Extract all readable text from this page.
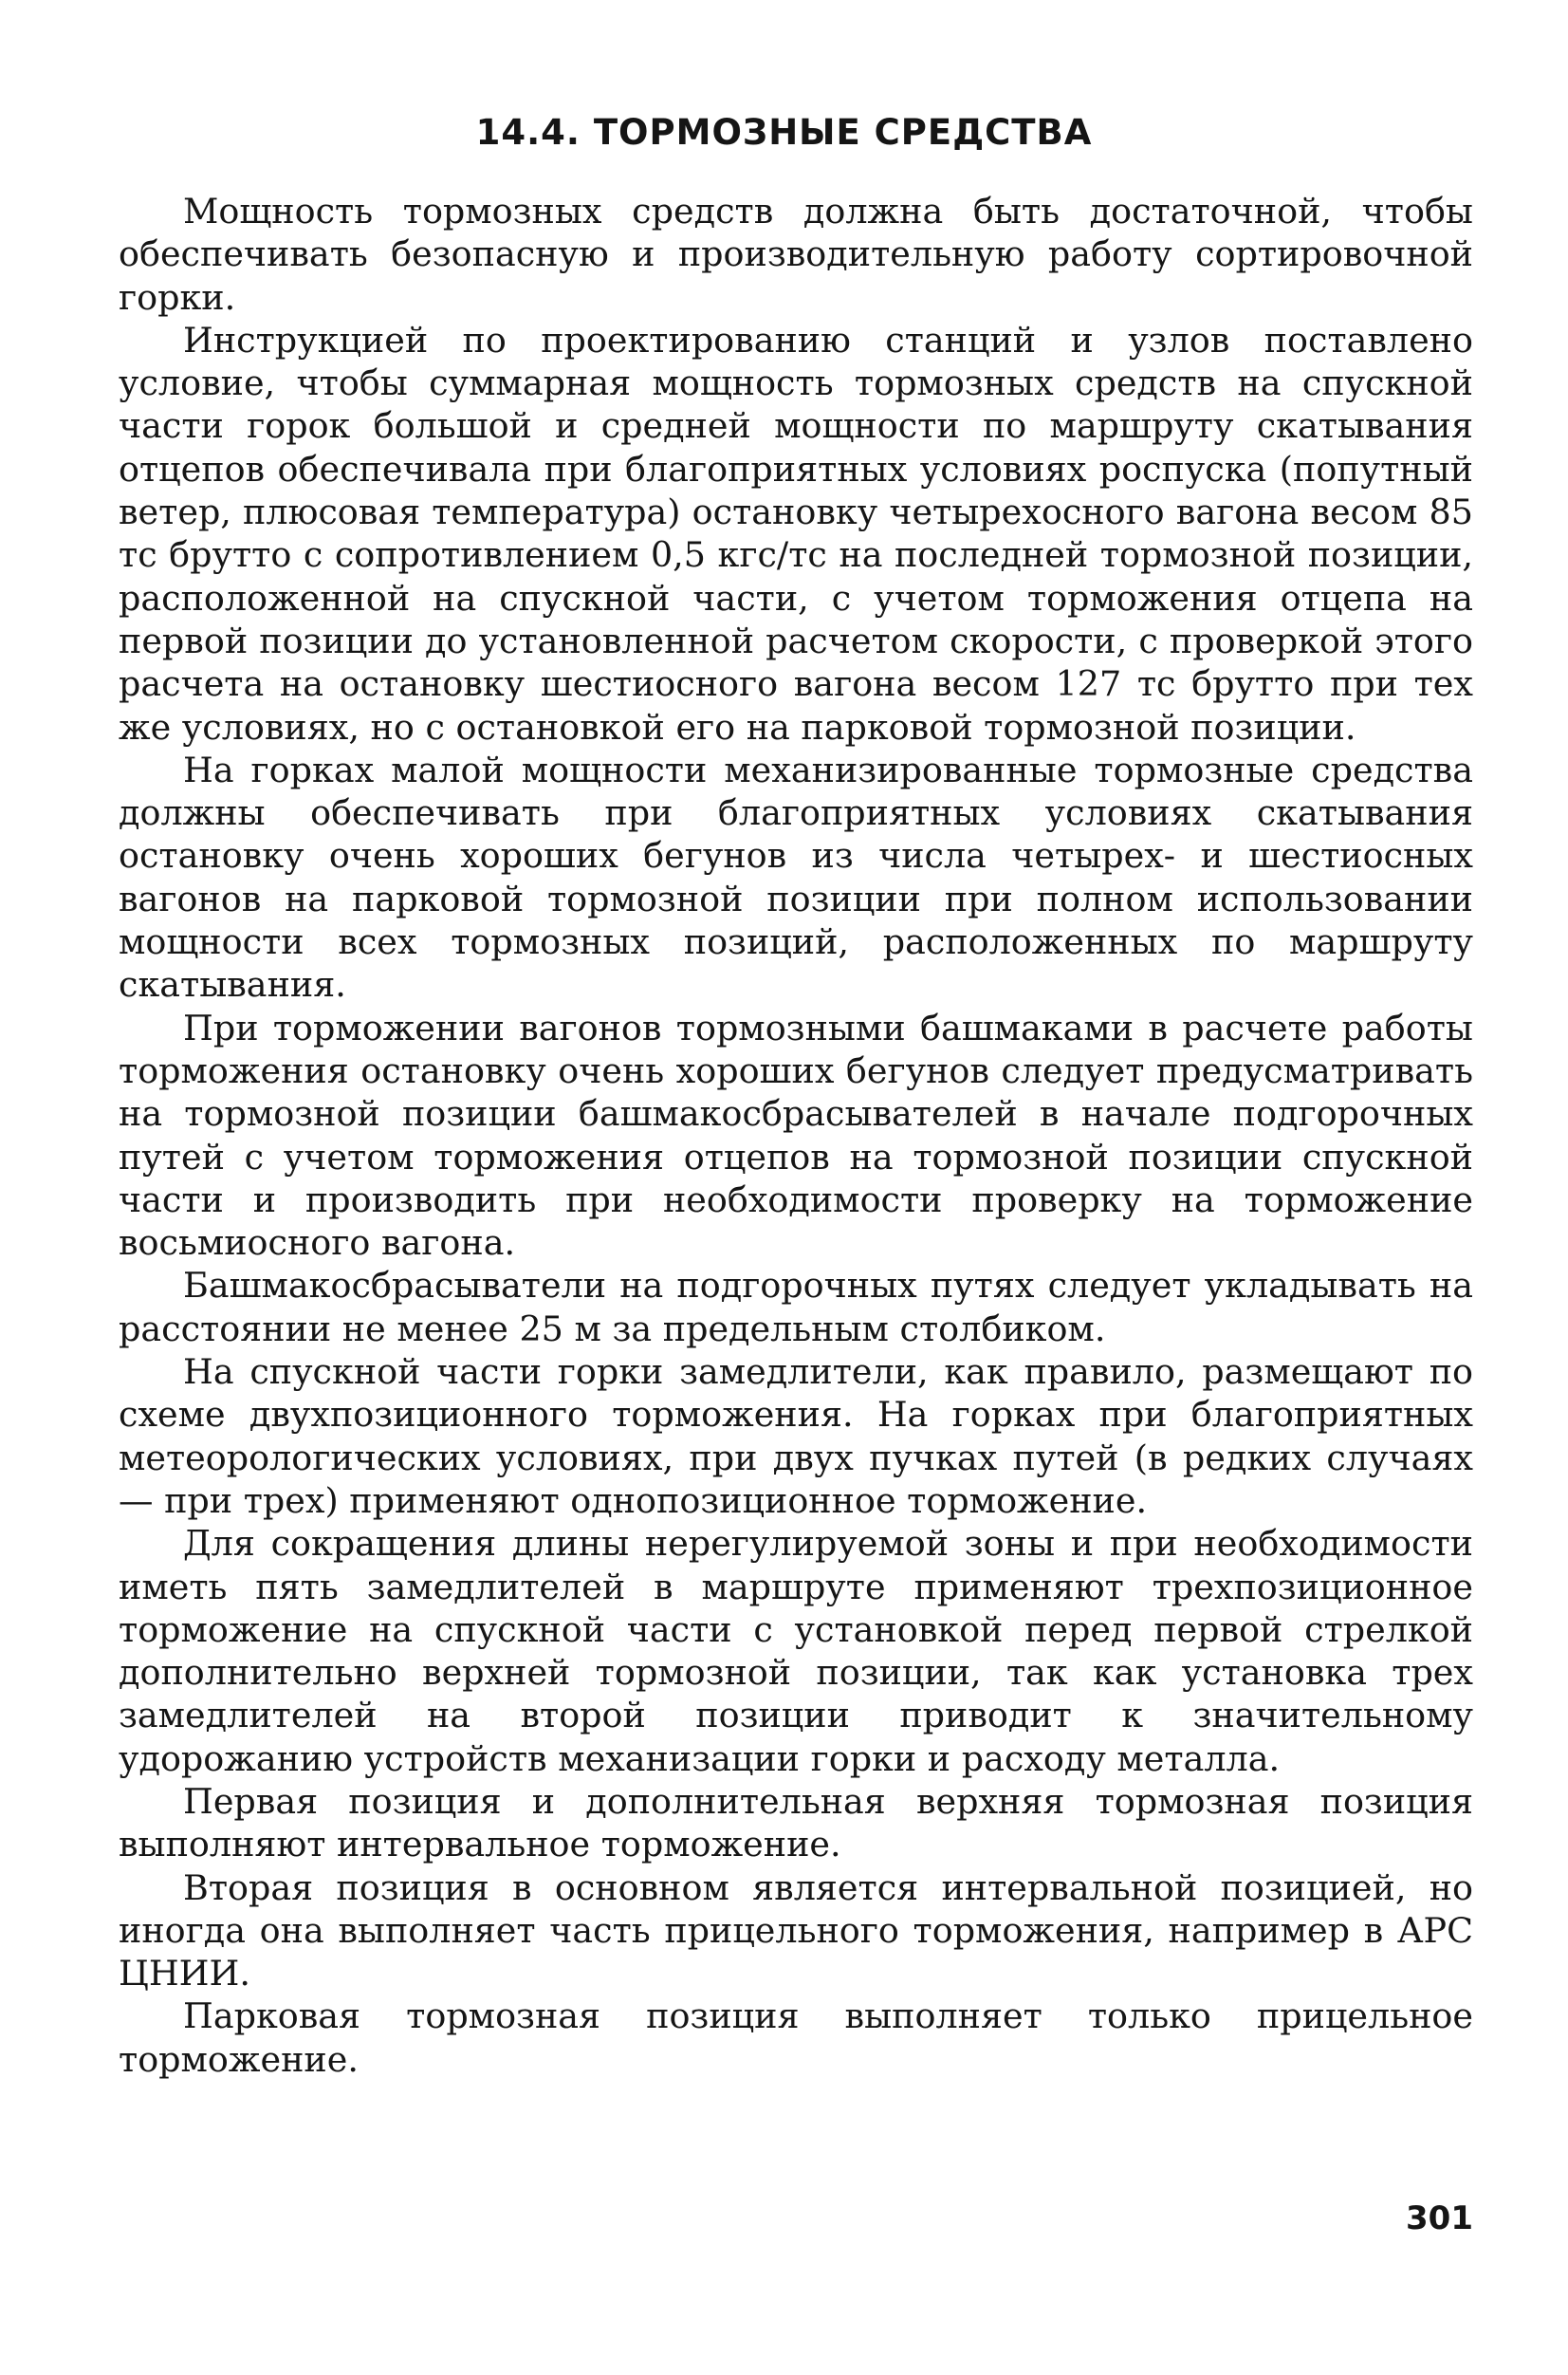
14.4. ТОРМОЗНЫЕ СРЕДСТВА

Мощность тормозных средств должна быть достаточной, чтобы обеспечивать безопасную и производительную работу сортировочной горки.

Инструкцией по проектированию станций и узлов поставлено условие, чтобы суммарная мощность тормозных средств на спускной части горок большой и средней мощности по маршруту скатывания отцепов обеспечивала при благоприятных условиях роспуска (попутный ветер, плюсовая температура) остановку четырехосного вагона весом 85 тс брутто с сопротивлением 0,5 кгс/тс на последней тормозной позиции, расположенной на спускной части, с учетом торможения отцепа на первой позиции до установленной расчетом скорости, с проверкой этого расчета на остановку шестиосного вагона весом 127 тс брутто при тех же условиях, но с остановкой его на парковой тормозной позиции.

На горках малой мощности механизированные тормозные средства должны обеспечивать при благоприятных условиях скатывания остановку очень хороших бегунов из числа четырех- и шестиосных вагонов на парковой тормозной позиции при полном использовании мощности всех тормозных позиций, расположенных по маршруту скатывания.

При торможении вагонов тормозными башмаками в расчете работы торможения остановку очень хороших бегунов следует предусматривать на тормозной позиции башмакосбрасывателей в начале подгорочных путей с учетом торможения отцепов на тормозной позиции спускной части и производить при необходимости проверку на торможение восьмиосного вагона.

Башмакосбрасыватели на подгорочных путях следует укладывать на расстоянии не менее 25 м за предельным столбиком.

На спускной части горки замедлители, как правило, размещают по схеме двухпозиционного торможения. На горках при благоприятных метеорологических условиях, при двух пучках путей (в редких случаях — при трех) применяют однопозиционное торможение.

Для сокращения длины нерегулируемой зоны и при необходимости иметь пять замедлителей в маршруте применяют трехпозиционное торможение на спускной части с установкой перед первой стрелкой дополнительно верхней тормозной позиции, так как установка трех замедлителей на второй позиции приводит к значительному удорожанию устройств механизации горки и расходу металла.

Первая позиция и дополнительная верхняя тормозная позиция выполняют интервальное торможение.

Вторая позиция в основном является интервальной позицией, но иногда она выполняет часть прицельного торможения, например в АРС ЦНИИ.

Парковая тормозная позиция выполняет только прицельное торможение.

301
